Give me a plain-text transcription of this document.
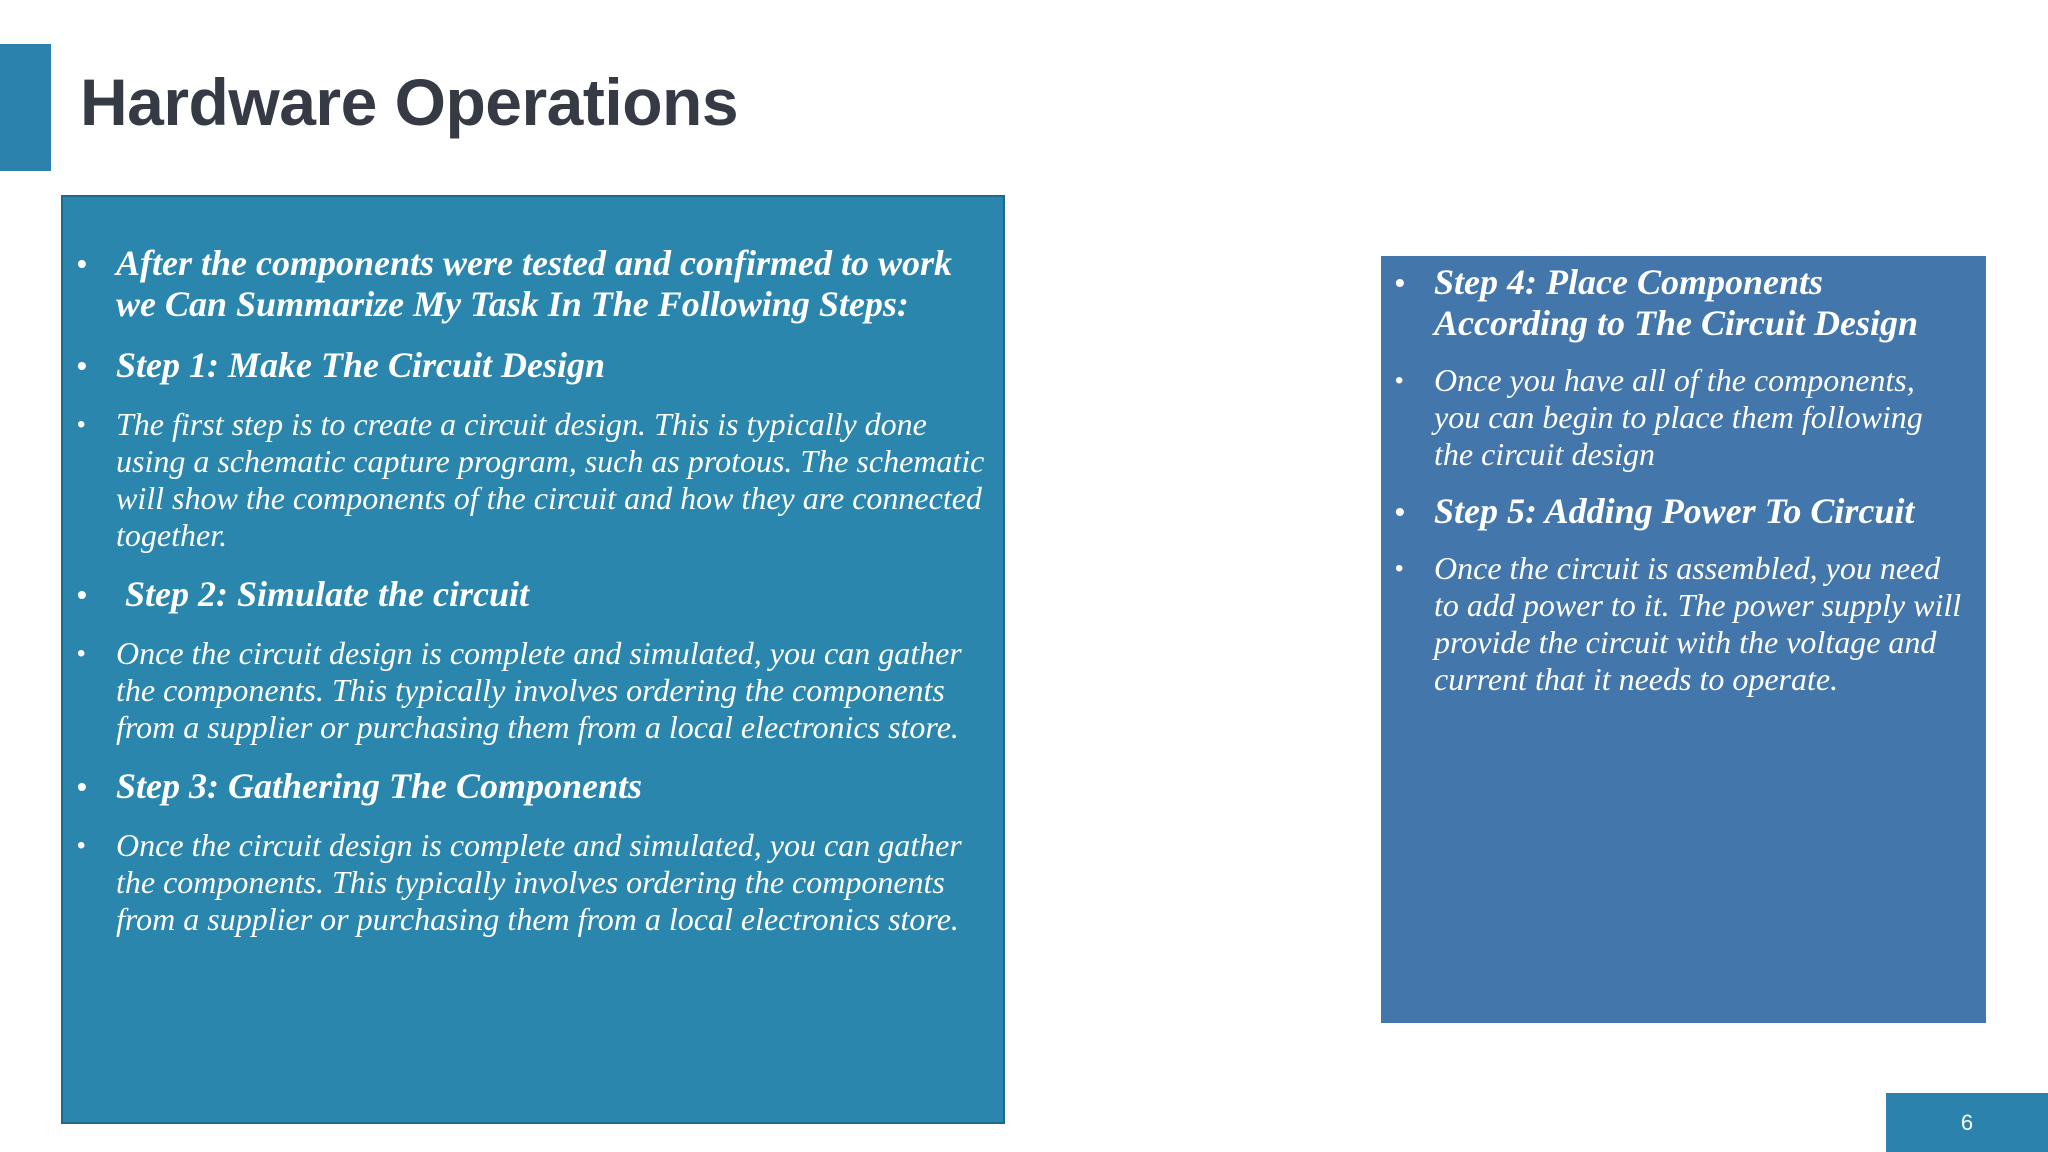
Hardware Operations
• After the components were tested and confirmed to work we Can Summarize My Task In The Following Steps:
• Step 1: Make The Circuit Design
• The first step is to create a circuit design. This is typically done using a schematic capture program, such as protous. The schematic will show the components of the circuit and how they are connected together.
• Step 2: Simulate the circuit
• Once the circuit design is complete and simulated, you can gather the components. This typically involves ordering the components from a supplier or purchasing them from a local electronics store.
• Step 3: Gathering The Components
• Once the circuit design is complete and simulated, you can gather the components. This typically involves ordering the components from a supplier or purchasing them from a local electronics store.
• Step 4: Place Components According to The Circuit Design
• Once you have all of the components, you can begin to place them following the circuit design
• Step 5: Adding Power To Circuit
• Once the circuit is assembled, you need to add power to it. The power supply will provide the circuit with the voltage and current that it needs to operate.
6
